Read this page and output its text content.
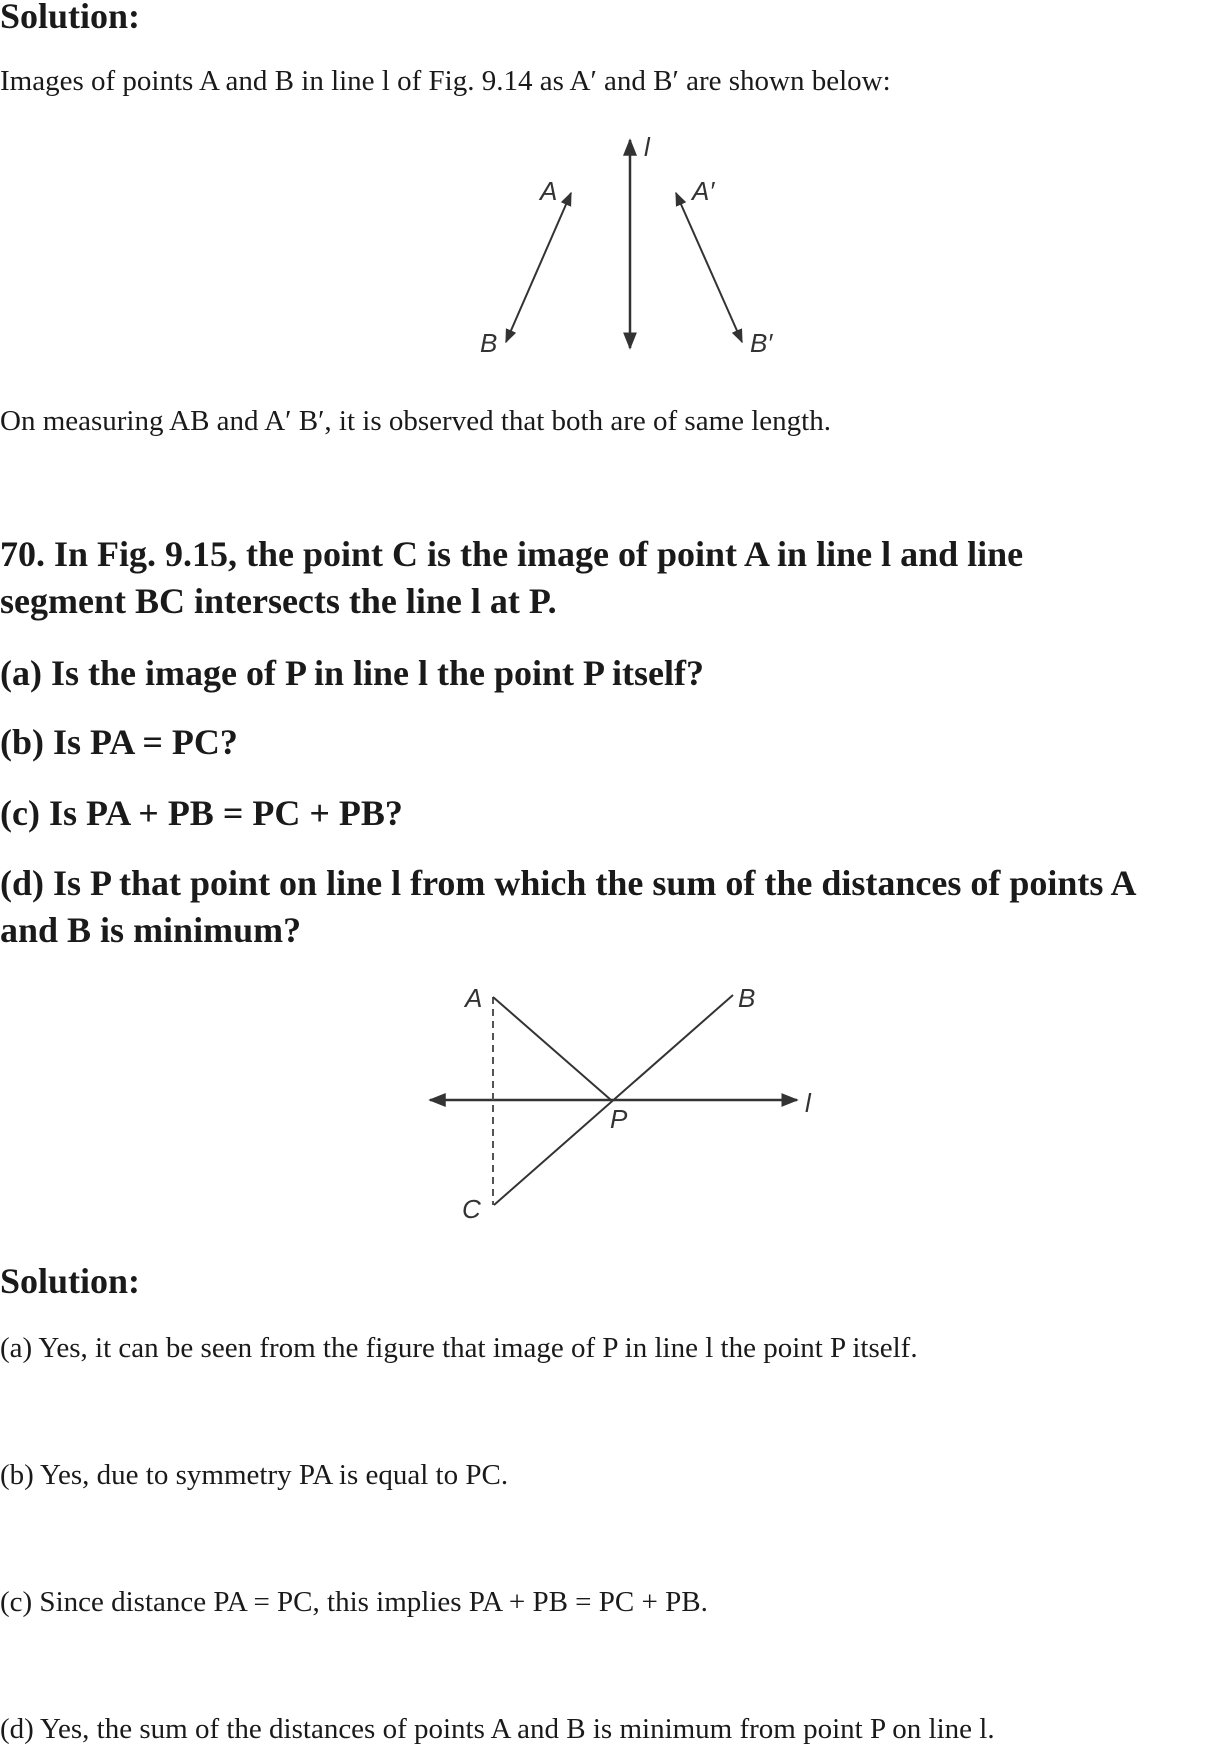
Solution:
Images of points A and B in line l of Fig. 9.14 as A′ and B′ are shown below:
l
A
B
A′
B′
A	B
P
l
C
On measuring AB and A′ B′, it is observed that both are of same length.
70. In Fig. 9.15, the point C is the image of point A in line l and line
segment BC intersects the line l at P.
(a) Is the image of P in line l the point P itself?
(b) Is PA = PC?
(c) Is PA + PB = PC + PB?
(d) Is P that point on line l from which the sum of the distances of points A
and B is minimum?
Solution:
(a) Yes, it can be seen from the figure that image of P in line l the point P itself.
(b) Yes, due to symmetry PA is equal to PC.
(c) Since distance PA = PC, this implies PA + PB = PC + PB.
(d) Yes, the sum of the distances of points A and B is minimum from point P on line l.
